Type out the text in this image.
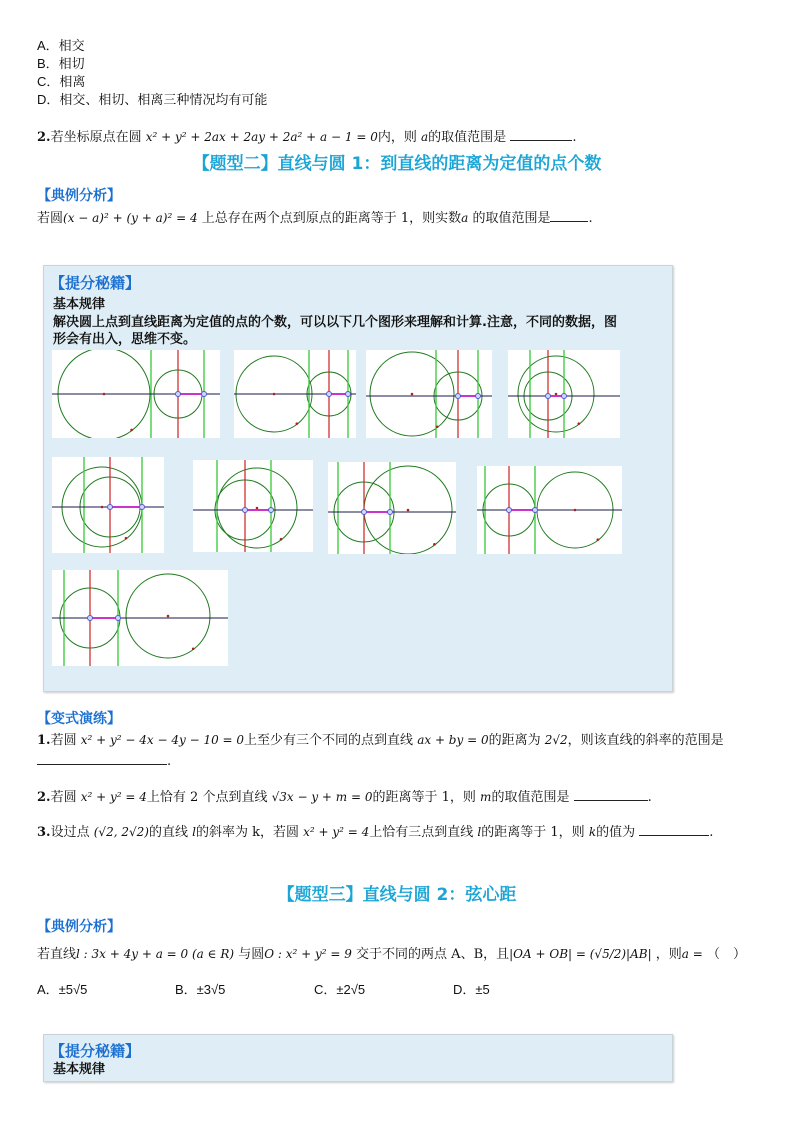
A．相交
B．相切
C．相离
D．相交、相切、相离三种情况均有可能
2.若坐标原点在圆 x² + y² + 2ax + 2ay + 2a² + a − 1 = 0内，则 a的取值范围是	.
【题型二】直线与圆 1：到直线的距离为定值的点个数
【典例分析】
若圆(x − a)² + (y + a)² = 4 上总存在两个点到原点的距离等于 1，则实数a 的取值范围是	.
【提分秘籍】
基本规律
解决圆上点到直线距离为定值的点的个数，可以以下几个图形来理解和计算.注意，不同的数据，图
形会有出入，思维不变。
【变式演练】
1.若圆 x² + y² − 4x − 4y − 10 = 0上至少有三个不同的点到直线 ax + by = 0的距离为 2√2，则该直线的斜率的范围是
.
2.若圆 x² + y² = 4上恰有 2 个点到直线 √3x − y + m = 0的距离等于 1，则 m的取值范围是	.
3.设过点 (√2, 2√2)的直线 l的斜率为 k，若圆 x² + y² = 4上恰有三点到直线 l的距离等于 1，则 k的值为	.
【题型三】直线与圆 2：弦心距
【典例分析】
若直线l : 3x + 4y + a = 0 (a ∈ R) 与圆O : x² + y² = 9 交于不同的两点 A、B，且|OA + OB| = (√5/2)|AB| ，则a = （　）
A．±5√5	B．±3√5	C．±2√5	D．±5
【提分秘籍】
基本规律
